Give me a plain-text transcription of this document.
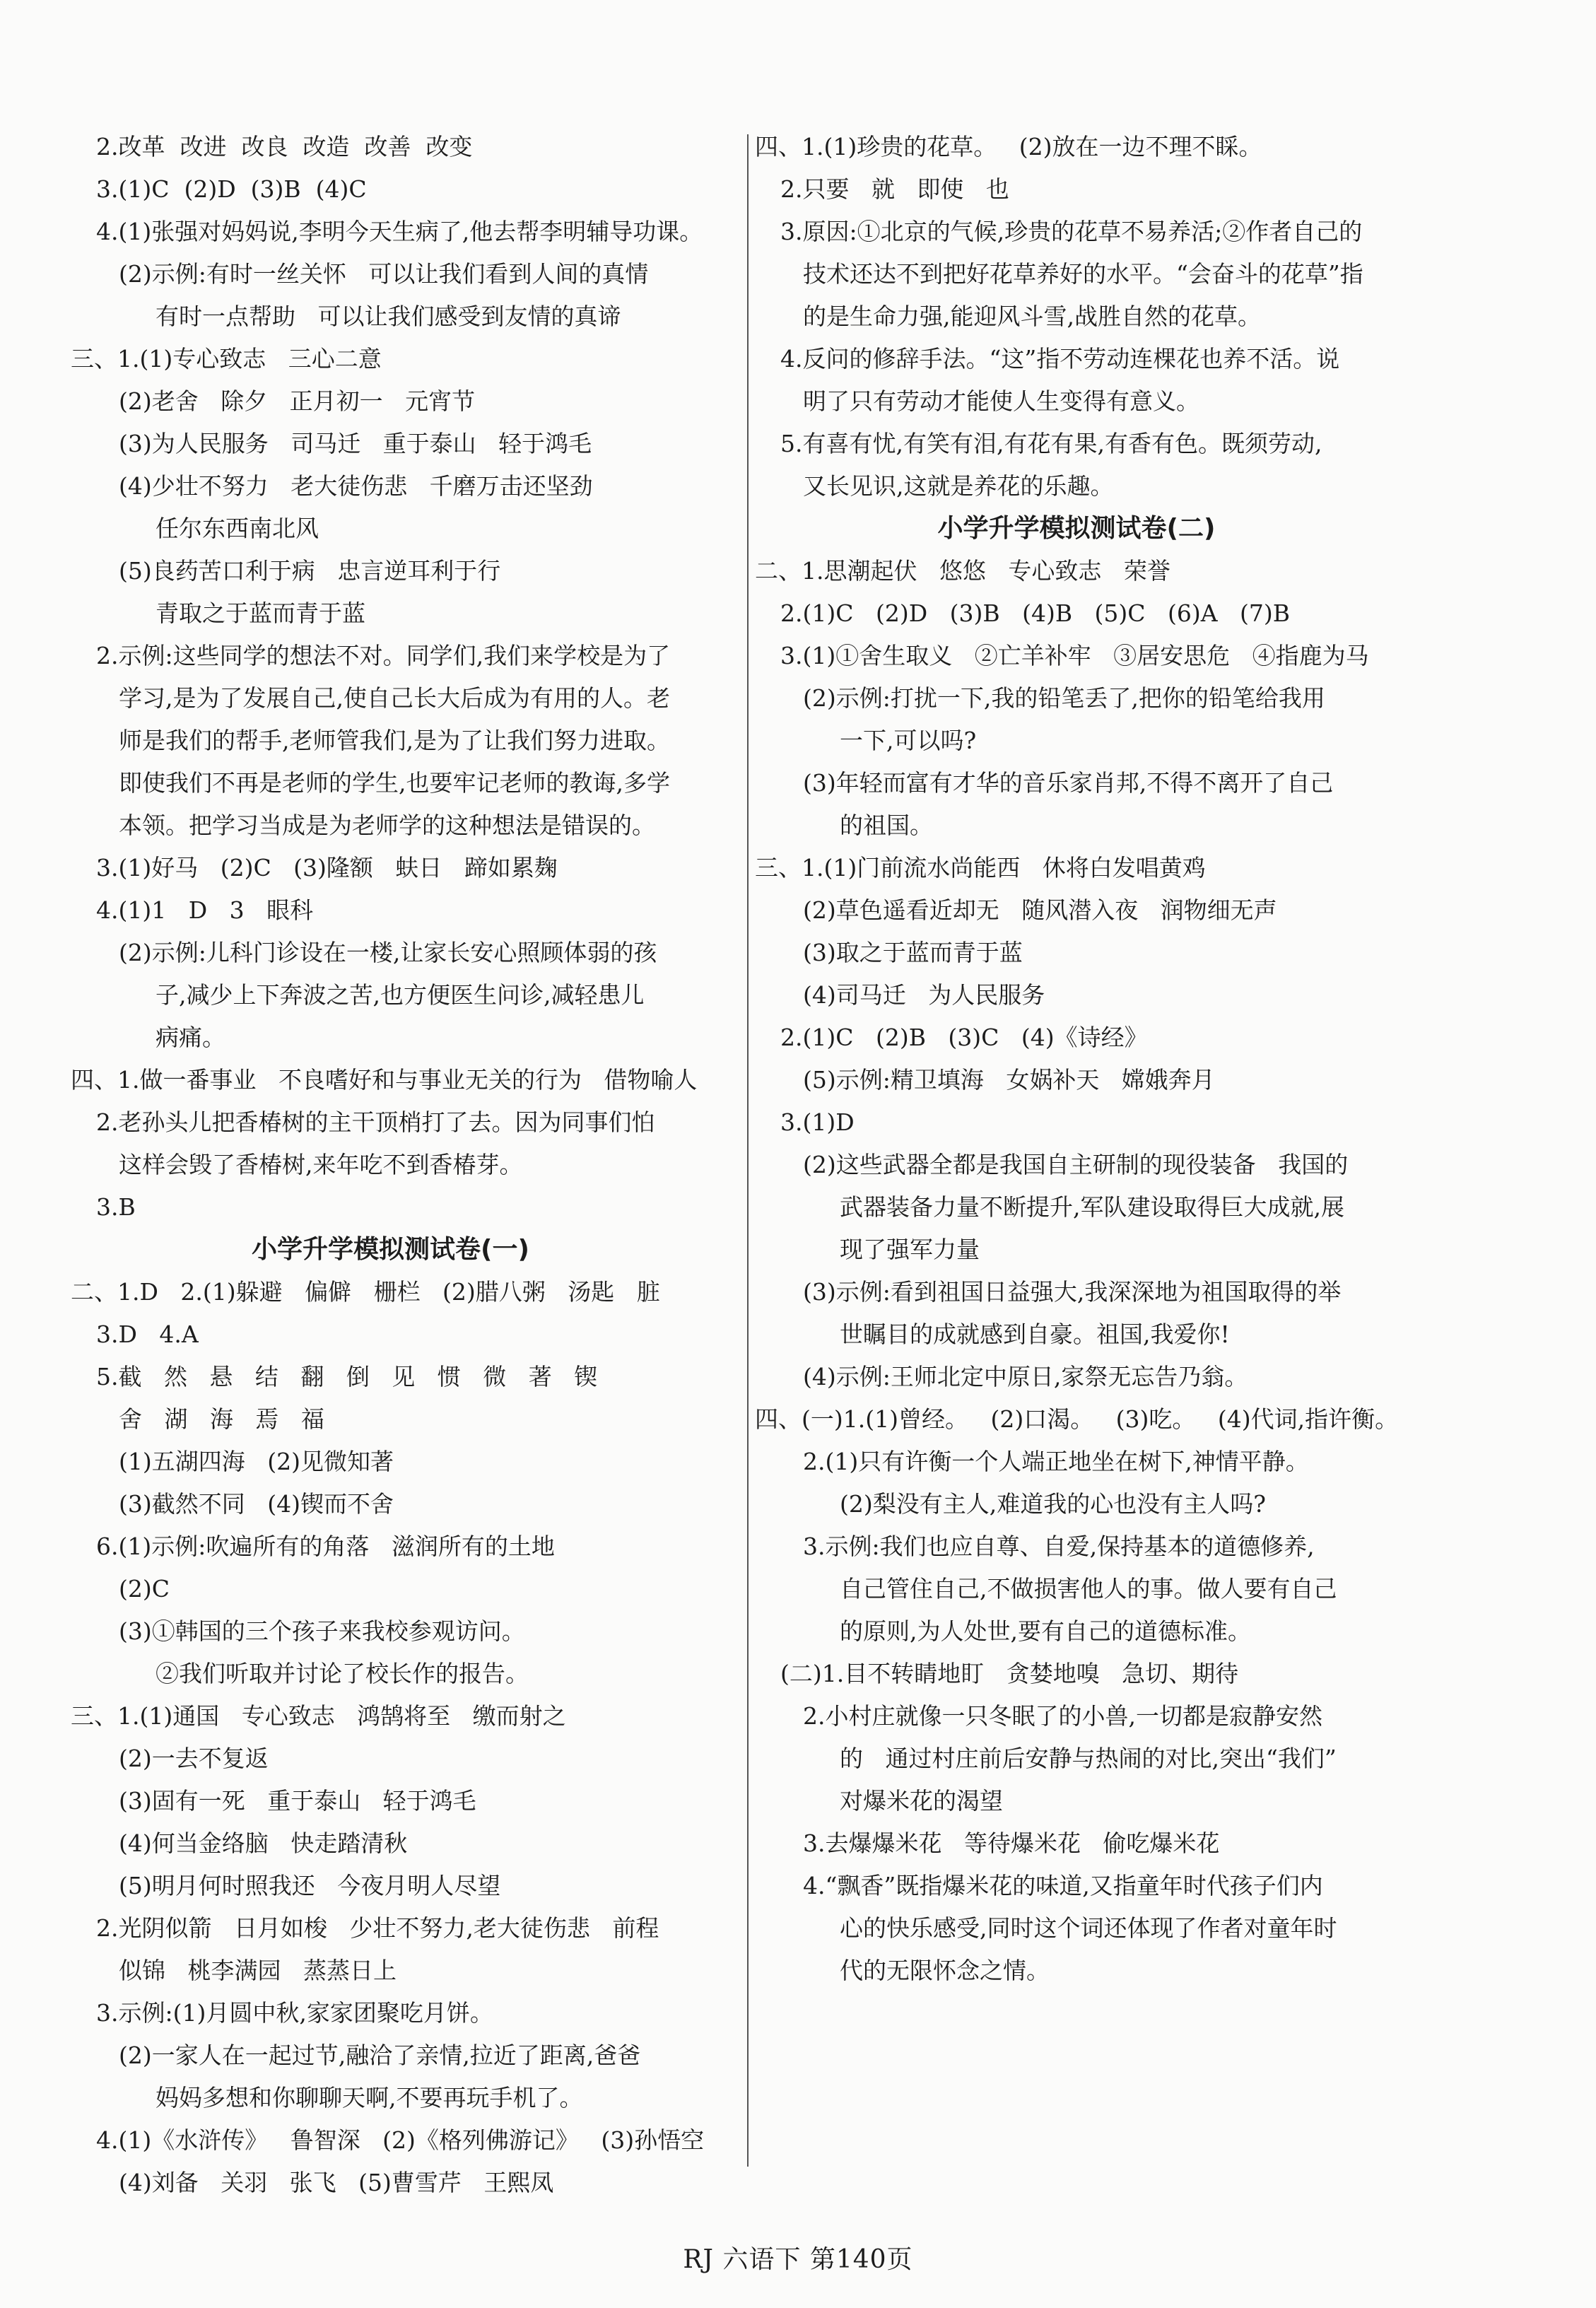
2.改革  改进  改良  改造  改善  改变
3.(1)C  (2)D  (3)B  (4)C
4.(1)张强对妈妈说,李明今天生病了,他去帮李明辅导功课。
(2)示例:有时一丝关怀   可以让我们看到人间的真情
有时一点帮助   可以让我们感受到友情的真谛
三、1.(1)专心致志   三心二意
(2)老舍   除夕   正月初一   元宵节
(3)为人民服务   司马迁   重于泰山   轻于鸿毛
(4)少壮不努力   老大徒伤悲   千磨万击还坚劲
任尔东西南北风
(5)良药苦口利于病   忠言逆耳利于行
青取之于蓝而青于蓝
2.示例:这些同学的想法不对。同学们,我们来学校是为了
学习,是为了发展自己,使自己长大后成为有用的人。老
师是我们的帮手,老师管我们,是为了让我们努力进取。
即使我们不再是老师的学生,也要牢记老师的教诲,多学
本领。把学习当成是为老师学的这种想法是错误的。
3.(1)好马   (2)C   (3)隆额   蚨日   蹄如累麹
4.(1)1   D   3   眼科
(2)示例:儿科门诊设在一楼,让家长安心照顾体弱的孩
子,减少上下奔波之苦,也方便医生问诊,减轻患儿
病痛。
四、1.做一番事业   不良嗜好和与事业无关的行为   借物喻人
2.老孙头儿把香椿树的主干顶梢打了去。因为同事们怕
这样会毁了香椿树,来年吃不到香椿芽。
3.B
小学升学模拟测试卷(一)
二、1.D   2.(1)躲避   偏僻   栅栏   (2)腊八粥   汤匙   脏
3.D   4.A
5.截   然   悬   结   翻   倒   见   惯   微   著   锲
舍   湖   海   焉   福
(1)五湖四海   (2)见微知著
(3)截然不同   (4)锲而不舍
6.(1)示例:吹遍所有的角落   滋润所有的土地
(2)C
(3)①韩国的三个孩子来我校参观访问。
②我们听取并讨论了校长作的报告。
三、1.(1)通国   专心致志   鸿鹄将至   缴而射之
(2)一去不复返
(3)固有一死   重于泰山   轻于鸿毛
(4)何当金络脑   快走踏清秋
(5)明月何时照我还   今夜月明人尽望
2.光阴似箭   日月如梭   少壮不努力,老大徒伤悲   前程
似锦   桃李满园   蒸蒸日上
3.示例:(1)月圆中秋,家家团聚吃月饼。
(2)一家人在一起过节,融洽了亲情,拉近了距离,爸爸
妈妈多想和你聊聊天啊,不要再玩手机了。
4.(1)《水浒传》   鲁智深   (2)《格列佛游记》   (3)孙悟空
(4)刘备   关羽   张飞   (5)曹雪芹   王熙凤
四、1.(1)珍贵的花草。   (2)放在一边不理不睬。
2.只要   就   即使   也
3.原因:①北京的气候,珍贵的花草不易养活;②作者自己的
技术还达不到把好花草养好的水平。“会奋斗的花草”指
的是生命力强,能迎风斗雪,战胜自然的花草。
4.反问的修辞手法。“这”指不劳动连棵花也养不活。说
明了只有劳动才能使人生变得有意义。
5.有喜有忧,有笑有泪,有花有果,有香有色。既须劳动,
又长见识,这就是养花的乐趣。
小学升学模拟测试卷(二)
二、1.思潮起伏   悠悠   专心致志   荣誉
2.(1)C   (2)D   (3)B   (4)B   (5)C   (6)A   (7)B
3.(1)①舍生取义   ②亡羊补牢   ③居安思危   ④指鹿为马
(2)示例:打扰一下,我的铅笔丢了,把你的铅笔给我用
一下,可以吗?
(3)年轻而富有才华的音乐家肖邦,不得不离开了自己
的祖国。
三、1.(1)门前流水尚能西   休将白发唱黄鸡
(2)草色遥看近却无   随风潜入夜   润物细无声
(3)取之于蓝而青于蓝
(4)司马迁   为人民服务
2.(1)C   (2)B   (3)C   (4)《诗经》
(5)示例:精卫填海   女娲补天   嫦娥奔月
3.(1)D
(2)这些武器全都是我国自主研制的现役装备   我国的
武器装备力量不断提升,军队建设取得巨大成就,展
现了强军力量
(3)示例:看到祖国日益强大,我深深地为祖国取得的举
世瞩目的成就感到自豪。祖国,我爱你!
(4)示例:王师北定中原日,家祭无忘告乃翁。
四、(一)1.(1)曾经。   (2)口渴。   (3)吃。   (4)代词,指许衡。
2.(1)只有许衡一个人端正地坐在树下,神情平静。
(2)梨没有主人,难道我的心也没有主人吗?
3.示例:我们也应自尊、自爱,保持基本的道德修养,
自己管住自己,不做损害他人的事。做人要有自己
的原则,为人处世,要有自己的道德标准。
(二)1.目不转睛地盯   贪婪地嗅   急切、期待
2.小村庄就像一只冬眠了的小兽,一切都是寂静安然
的   通过村庄前后安静与热闹的对比,突出“我们”
对爆米花的渴望
3.去爆爆米花   等待爆米花   偷吃爆米花
4.“飘香”既指爆米花的味道,又指童年时代孩子们内
心的快乐感受,同时这个词还体现了作者对童年时
代的无限怀念之情。
RJ 六语下 第140页
